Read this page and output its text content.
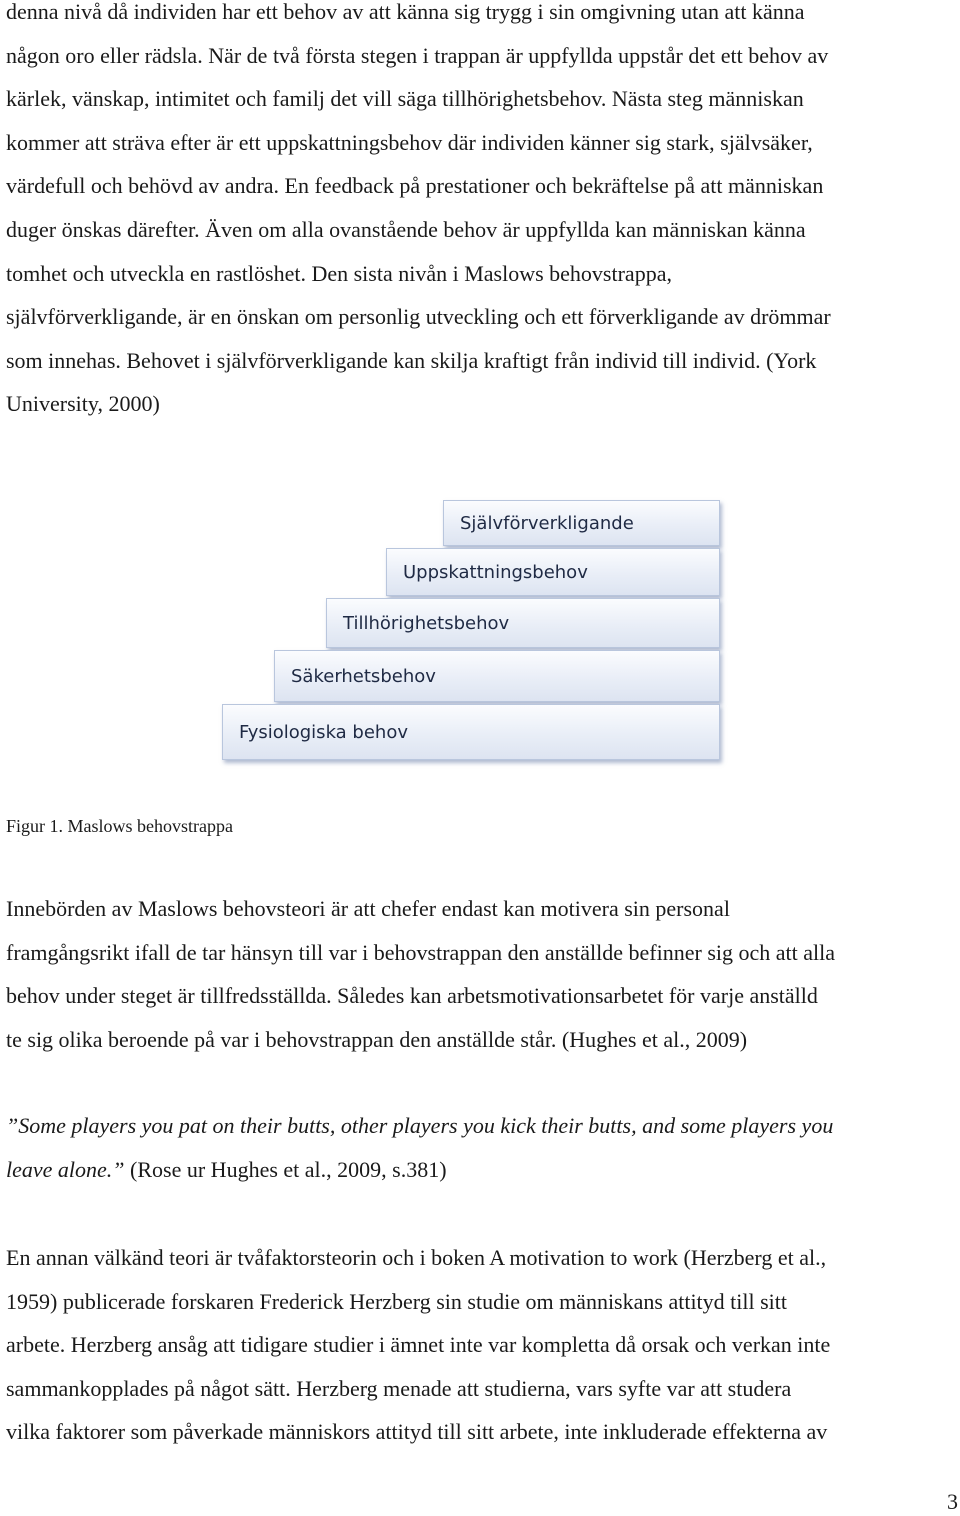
denna nivå då individen har ett behov av att känna sig trygg i sin omgivning utan att känna
någon oro eller rädsla. När de två första stegen i trappan är uppfyllda uppstår det ett behov av
kärlek, vänskap, intimitet och familj det vill säga tillhörighetsbehov. Nästa steg människan
kommer att sträva efter är ett uppskattningsbehov där individen känner sig stark, självsäker,
värdefull och behövd av andra. En feedback på prestationer och bekräftelse på att människan
duger önskas därefter. Även om alla ovanstående behov är uppfyllda kan människan känna
tomhet och utveckla en rastlöshet. Den sista nivån i Maslows behovstrappa,
självförverkligande, är en önskan om personlig utveckling och ett förverkligande av drömmar
som innehas. Behovet i självförverkligande kan skilja kraftigt från individ till individ. (York
University, 2000)
Självförverkligande
Uppskattningsbehov
Tillhörighetsbehov
Säkerhetsbehov
Fysiologiska behov
Figur 1. Maslows behovstrappa
Innebörden av Maslows behovsteori är att chefer endast kan motivera sin personal
framgångsrikt ifall de tar hänsyn till var i behovstrappan den anställde befinner sig och att alla
behov under steget är tillfredsställda. Således kan arbetsmotivationsarbetet för varje anställd
te sig olika beroende på var i behovstrappan den anställde står. (Hughes et al., 2009)
”Some players you pat on their butts, other players you kick their butts, and some players you
leave alone.” (Rose ur Hughes et al., 2009, s.381)
En annan välkänd teori är tvåfaktorsteorin och i boken A motivation to work (Herzberg et al.,
1959) publicerade forskaren Frederick Herzberg sin studie om människans attityd till sitt
arbete. Herzberg ansåg att tidigare studier i ämnet inte var kompletta då orsak och verkan inte
sammankopplades på något sätt. Herzberg menade att studierna, vars syfte var att studera
vilka faktorer som påverkade människors attityd till sitt arbete, inte inkluderade effekterna av
3
